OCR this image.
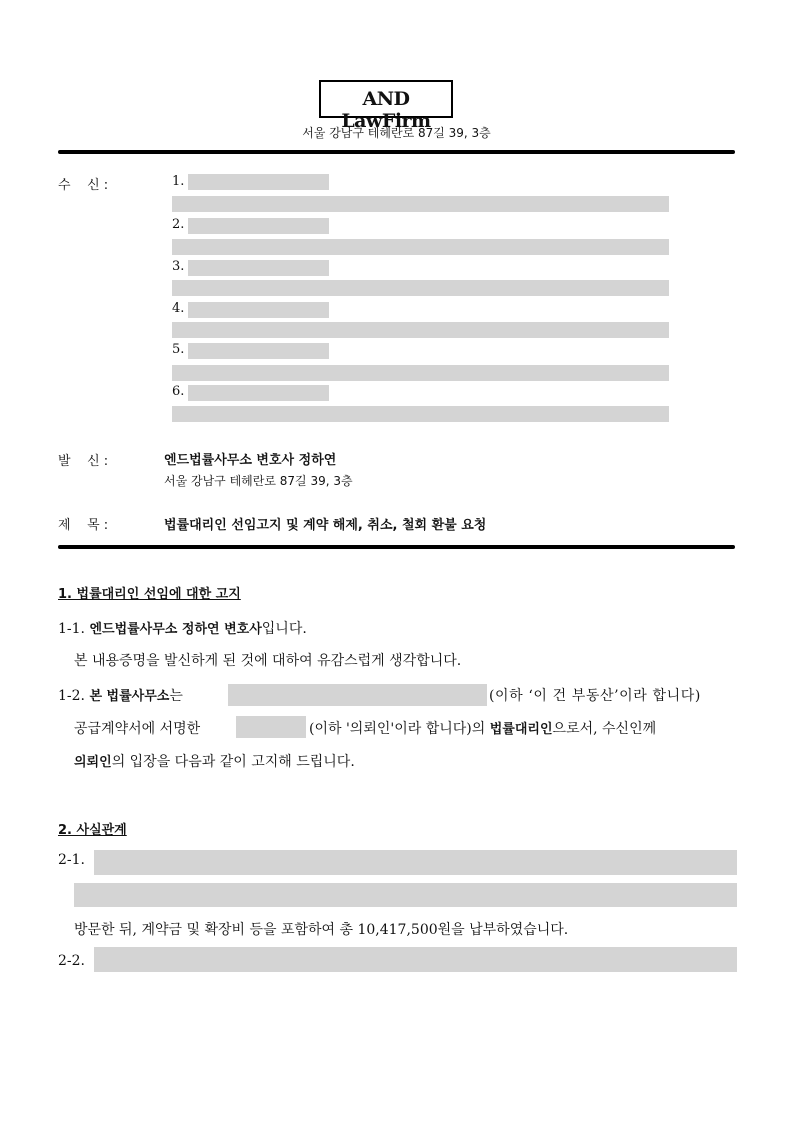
AND LawFirm
서울 강남구 테헤란로 87길 39, 3층
수    신 :	1.
2.
3.
4.
5.
6.
발    신 :	엔드법률사무소 변호사 정하연
서울 강남구 테헤란로 87길 39, 3층
제    목 :	법률대리인 선임고지 및 계약 해제, 취소, 철회 환불 요청
1. 법률대리인 선임에 대한 고지
1-1. 엔드법률사무소 정하연 변호사입니다.
본 내용증명을 발신하게 된 것에 대하여 유감스럽게 생각합니다.
1-2. 본 법률사무소는	(이하 ‘이 건 부동산’이라 합니다)
공급계약서에 서명한	(이하 '의뢰인'이라 합니다)의 법률대리인으로서, 수신인께
의뢰인의 입장을 다음과 같이 고지해 드립니다.
2. 사실관계
2-1.
방문한 뒤, 계약금 및 확장비 등을 포함하여 총 10,417,500원을 납부하였습니다.
2-2.
